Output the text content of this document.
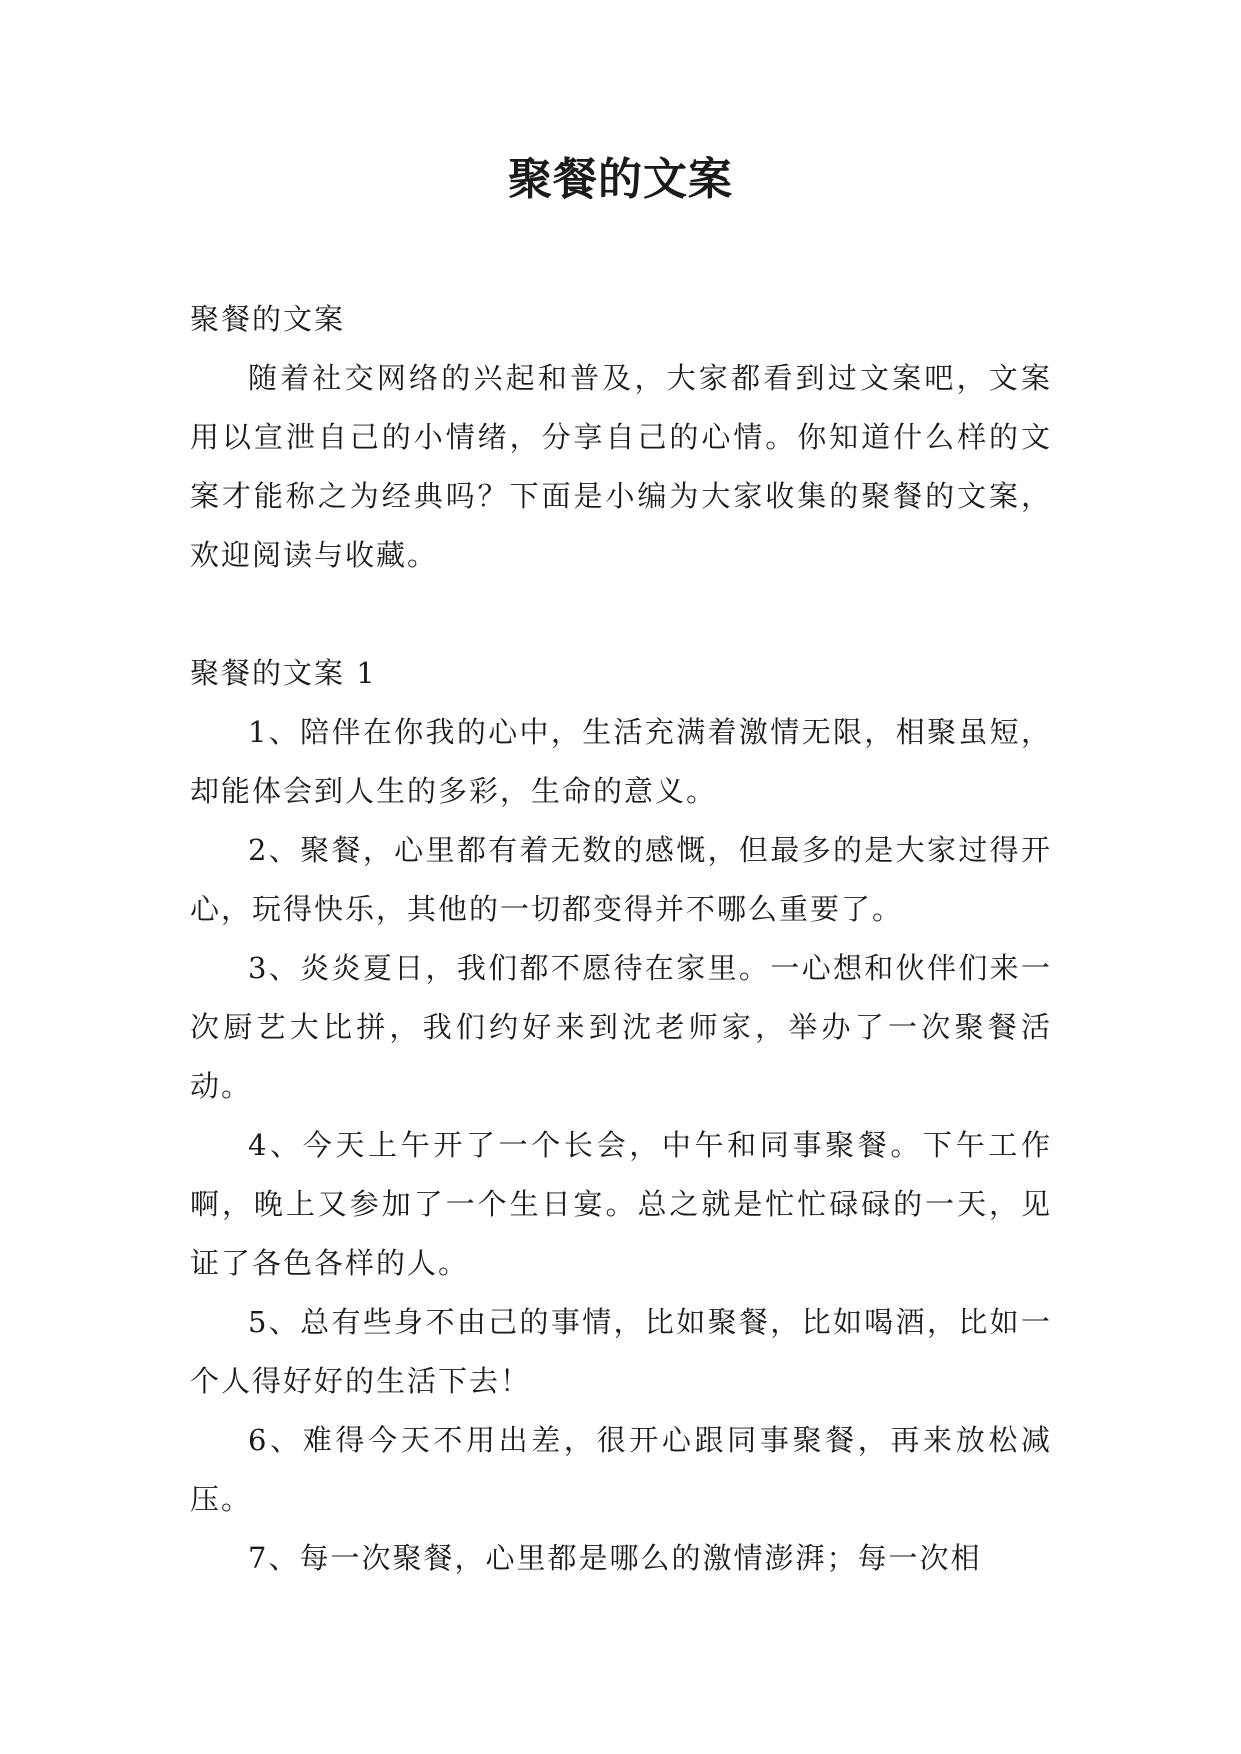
聚餐的文案

聚餐的文案

随着社交网络的兴起和普及，大家都看到过文案吧，文案用以宣泄自己的小情绪，分享自己的心情。你知道什么样的文案才能称之为经典吗？下面是小编为大家收集的聚餐的文案，欢迎阅读与收藏。

聚餐的文案 1

1、陪伴在你我的心中，生活充满着激情无限，相聚虽短，却能体会到人生的多彩，生命的意义。

2、聚餐，心里都有着无数的感慨，但最多的是大家过得开心，玩得快乐，其他的一切都变得并不哪么重要了。

3、炎炎夏日，我们都不愿待在家里。一心想和伙伴们来一次厨艺大比拼，我们约好来到沈老师家，举办了一次聚餐活动。

4、今天上午开了一个长会，中午和同事聚餐。下午工作啊，晚上又参加了一个生日宴。总之就是忙忙碌碌的一天，见证了各色各样的人。

5、总有些身不由己的事情，比如聚餐，比如喝酒，比如一个人得好好的生活下去！

6、难得今天不用出差，很开心跟同事聚餐，再来放松减压。

7、每一次聚餐，心里都是哪么的激情澎湃；每一次相
